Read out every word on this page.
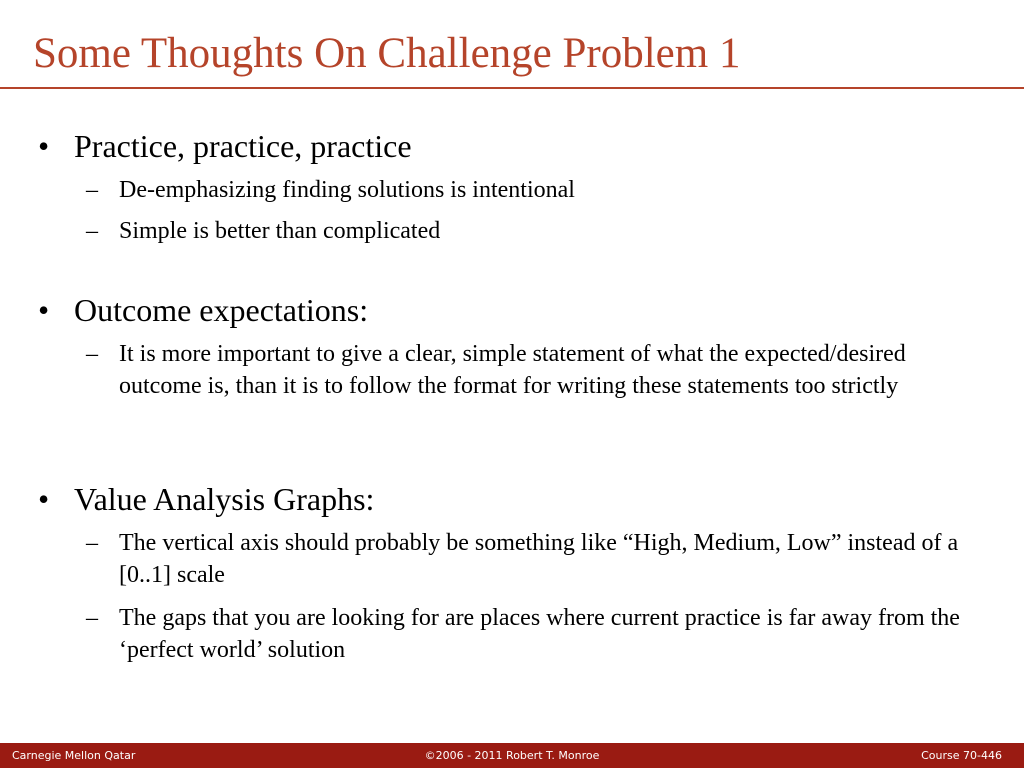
Some Thoughts On Challenge Problem 1
• Practice, practice, practice
– De-emphasizing finding solutions is intentional
– Simple is better than complicated
• Outcome expectations:
– It is more important to give a clear, simple statement of what the expected/desired outcome is, than it is to follow the format for writing these statements too strictly
• Value Analysis Graphs:
– The vertical axis should probably be something like “High, Medium, Low” instead of a [0..1] scale
– The gaps that you are looking for are places where current practice is far away from the ‘perfect world’ solution
Carnegie Mellon Qatar	©2006 - 2011 Robert T. Monroe	Course 70-446
